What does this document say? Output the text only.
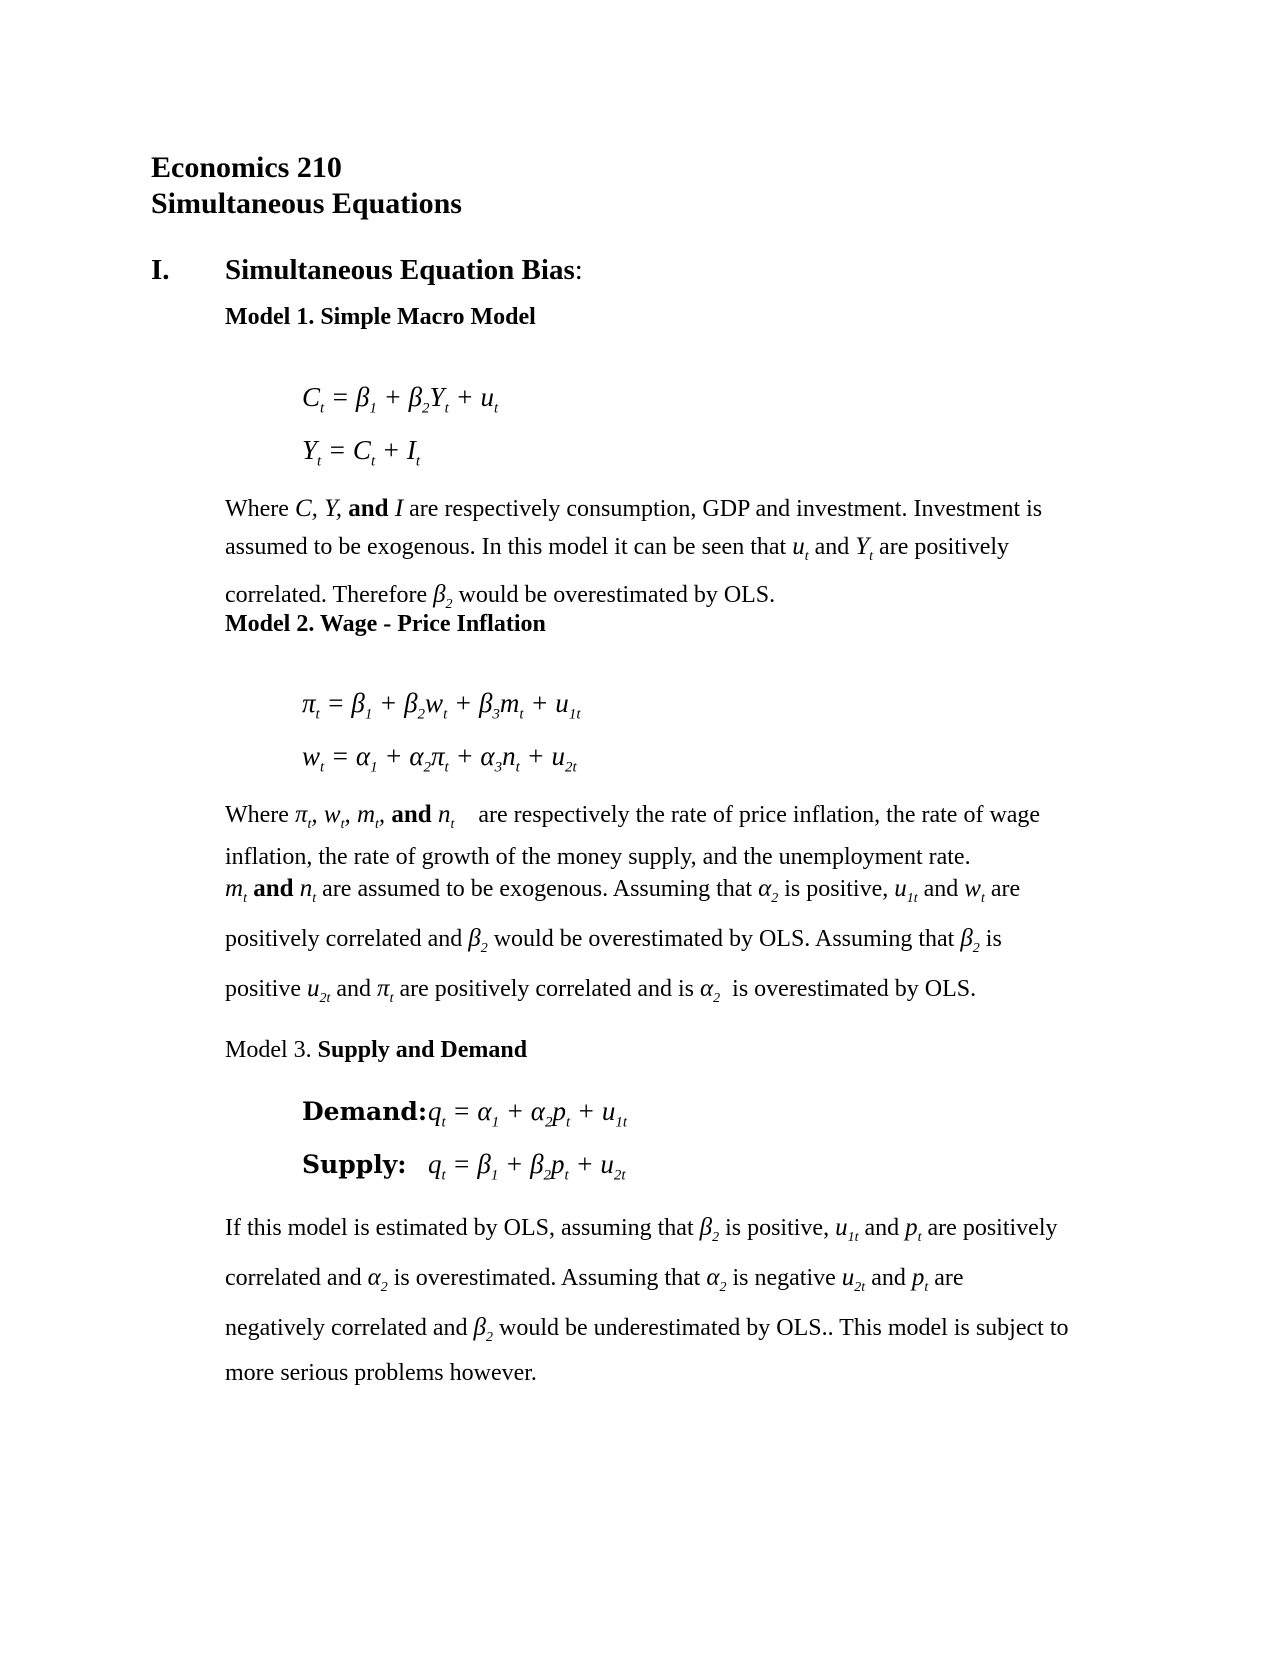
Economics 210
Simultaneous Equations
I. Simultaneous Equation Bias:
Model 1. Simple Macro Model
$C_t = \beta_1 + \beta_2Y_t + u_t$
$Y_t = C_t + I_t$
Where C, Y, and I are respectively consumption, GDP and investment. Investment is
assumed to be exogenous. In this model it can be seen that $u_t$ and $Y_t$ are positively
correlated. Therefore $\beta_2$ would be overestimated by OLS.
Model 2. Wage - Price Inflation
$\pi_t = \beta_1 + \beta_2w_t + \beta_3m_t + u_{1t}$
$w_t = \alpha_1 + \alpha_2\pi_t + \alpha_3n_t + u_{2t}$
Where $\pi_t$, $w_t$, $m_t$, and $n_t$ are respectively the rate of price inflation, the rate of wage
inflation, the rate of growth of the money supply, and the unemployment rate.
$m_t$ and $n_t$ are assumed to be exogenous. Assuming that $\alpha_2$ is positive, $u_{1t}$ and $w_t$ are
positively correlated and $\beta_2$ would be overestimated by OLS. Assuming that $\beta_2$ is
positive $u_{2t}$ and $\pi_t$ are positively correlated and is $\alpha_2$  is overestimated by OLS.
Model 3. Supply and Demand
$Demand:q_t = \alpha_1 + \alpha_2p_t + u_{1t}$
Supply: $q_t = \beta_1 + \beta_2p_t + u_{2t}$
If this model is estimated by OLS, assuming that $\beta_2$ is positive, $u_{1t}$ and $p_t$ are positively
correlated and $\alpha_2$ is overestimated. Assuming that $\alpha_2$ is negative $u_{2t}$ and $p_t$ are
negatively correlated and $\beta_2$ would be underestimated by OLS.. This model is subject to
more serious problems however.
